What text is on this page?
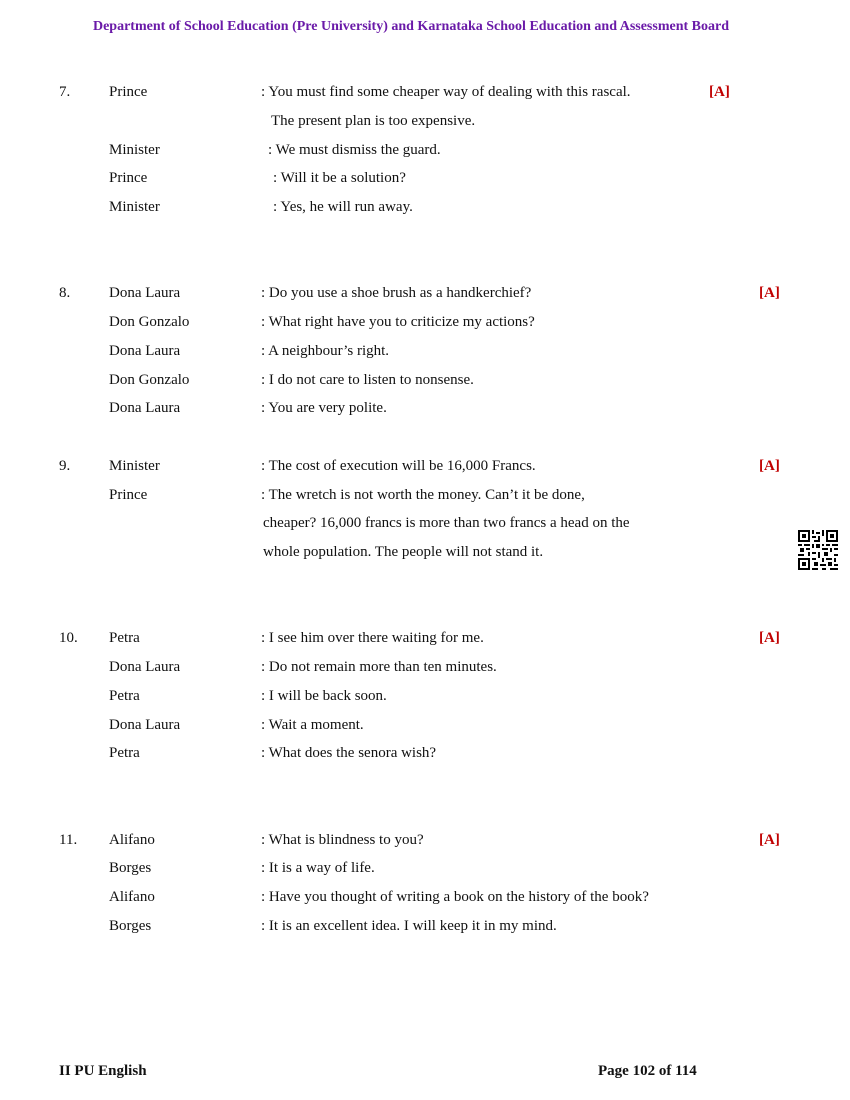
Department of School Education (Pre University) and Karnataka School Education and Assessment Board
7.	Prince	: You must find some cheaper way of dealing with this rascal.	[A]
The present plan is too expensive.
Minister	: We must dismiss the guard.
Prince	: Will it be a solution?
Minister	: Yes, he will run away.
8.	Dona Laura	: Do you use a shoe brush as a handkerchief?	[A]
Don Gonzalo	: What right have you to criticize my actions?
Dona Laura	: A neighbour’s right.
Don Gonzalo	: I do not care to listen to nonsense.
Dona Laura	: You are very polite.
9.	Minister	: The cost of execution will be 16,000 Francs.	[A]
Prince	: The wretch is not worth the money. Can’t it be done,
cheaper? 16,000 francs is more than two francs a head on the
whole population. The people will not stand it.
10. Petra	: I see him over there waiting for me.	[A]
Dona Laura	: Do not remain more than ten minutes.
Petra	: I will be back soon.
Dona Laura	: Wait a moment.
Petra	: What does the senora wish?
11. Alifano	: What is blindness to you?	[A]
Borges	: It is a way of life.
Alifano	: Have you thought of writing a book on the history of the book?
Borges	: It is an excellent idea. I will keep it in my mind.
II PU English	Page 102 of 114
